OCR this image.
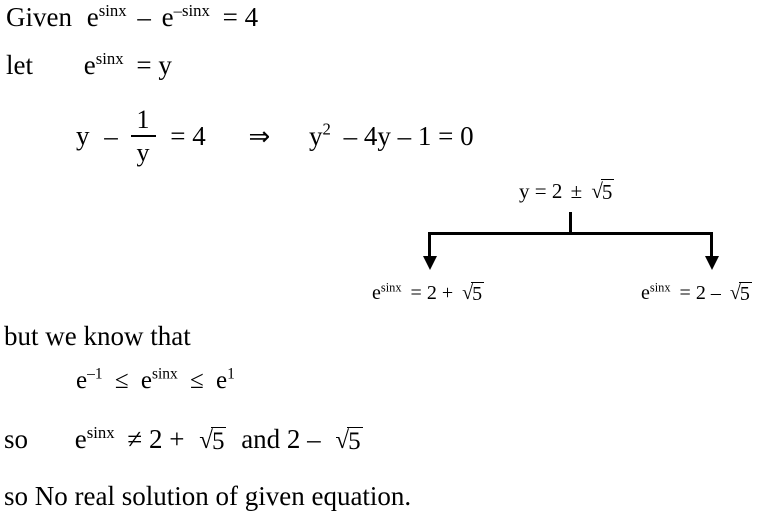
Given $e^{sinx} - e^{-sinx} = 4$
let $e^{sinx} = y$
$y - \frac{1}{y} = 4$ ⇒ $y^2 - 4y - 1 = 0$
y = 2 ± √5
$e^{sinx} = 2 + √5$	$e^{sinx} = 2 - √5$
but we know that
$e^{-1} \le e^{sinx} \le e^1$
so $e^{sinx} \ne 2 + √5$ and 2 – √5
so No real solution of given equation.
